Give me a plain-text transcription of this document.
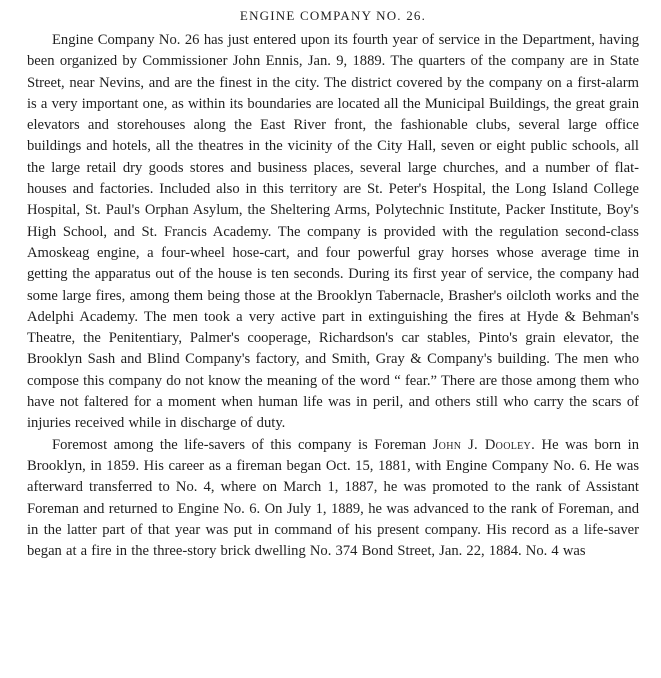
ENGINE COMPANY NO. 26.

Engine Company No. 26 has just entered upon its fourth year of service in the Department, having been organized by Commissioner John Ennis, Jan. 9, 1889. The quarters of the company are in State Street, near Nevins, and are the finest in the city. The district covered by the company on a first-alarm is a very important one, as within its boundaries are located all the Municipal Buildings, the great grain elevators and storehouses along the East River front, the fashionable clubs, several large office buildings and hotels, all the theatres in the vicinity of the City Hall, seven or eight public schools, all the large retail dry goods stores and business places, several large churches, and a number of flat-houses and factories. Included also in this territory are St. Peter's Hospital, the Long Island College Hospital, St. Paul's Orphan Asylum, the Sheltering Arms, Polytechnic Institute, Packer Institute, Boy's High School, and St. Francis Academy. The company is provided with the regulation second-class Amoskeag engine, a four-wheel hose-cart, and four powerful gray horses whose average time in getting the apparatus out of the house is ten seconds. During its first year of service, the company had some large fires, among them being those at the Brooklyn Tabernacle, Brasher's oilcloth works and the Adelphi Academy. The men took a very active part in extinguishing the fires at Hyde & Behman's Theatre, the Penitentiary, Palmer's cooperage, Richardson's car stables, Pinto's grain elevator, the Brooklyn Sash and Blind Company's factory, and Smith, Gray & Company's building. The men who compose this company do not know the meaning of the word “ fear.” There are those among them who have not faltered for a moment when human life was in peril, and others still who carry the scars of injuries received while in discharge of duty.

Foremost among the life-savers of this company is Foreman John J. Dooley. He was born in Brooklyn, in 1859. His career as a fireman began Oct. 15, 1881, with Engine Company No. 6. He was afterward transferred to No. 4, where on March 1, 1887, he was promoted to the rank of Assistant Foreman and returned to Engine No. 6. On July 1, 1889, he was advanced to the rank of Foreman, and in the latter part of that year was put in command of his present company. His record as a life-saver began at a fire in the three-story brick dwelling No. 374 Bond Street, Jan. 22, 1884. No. 4 was
